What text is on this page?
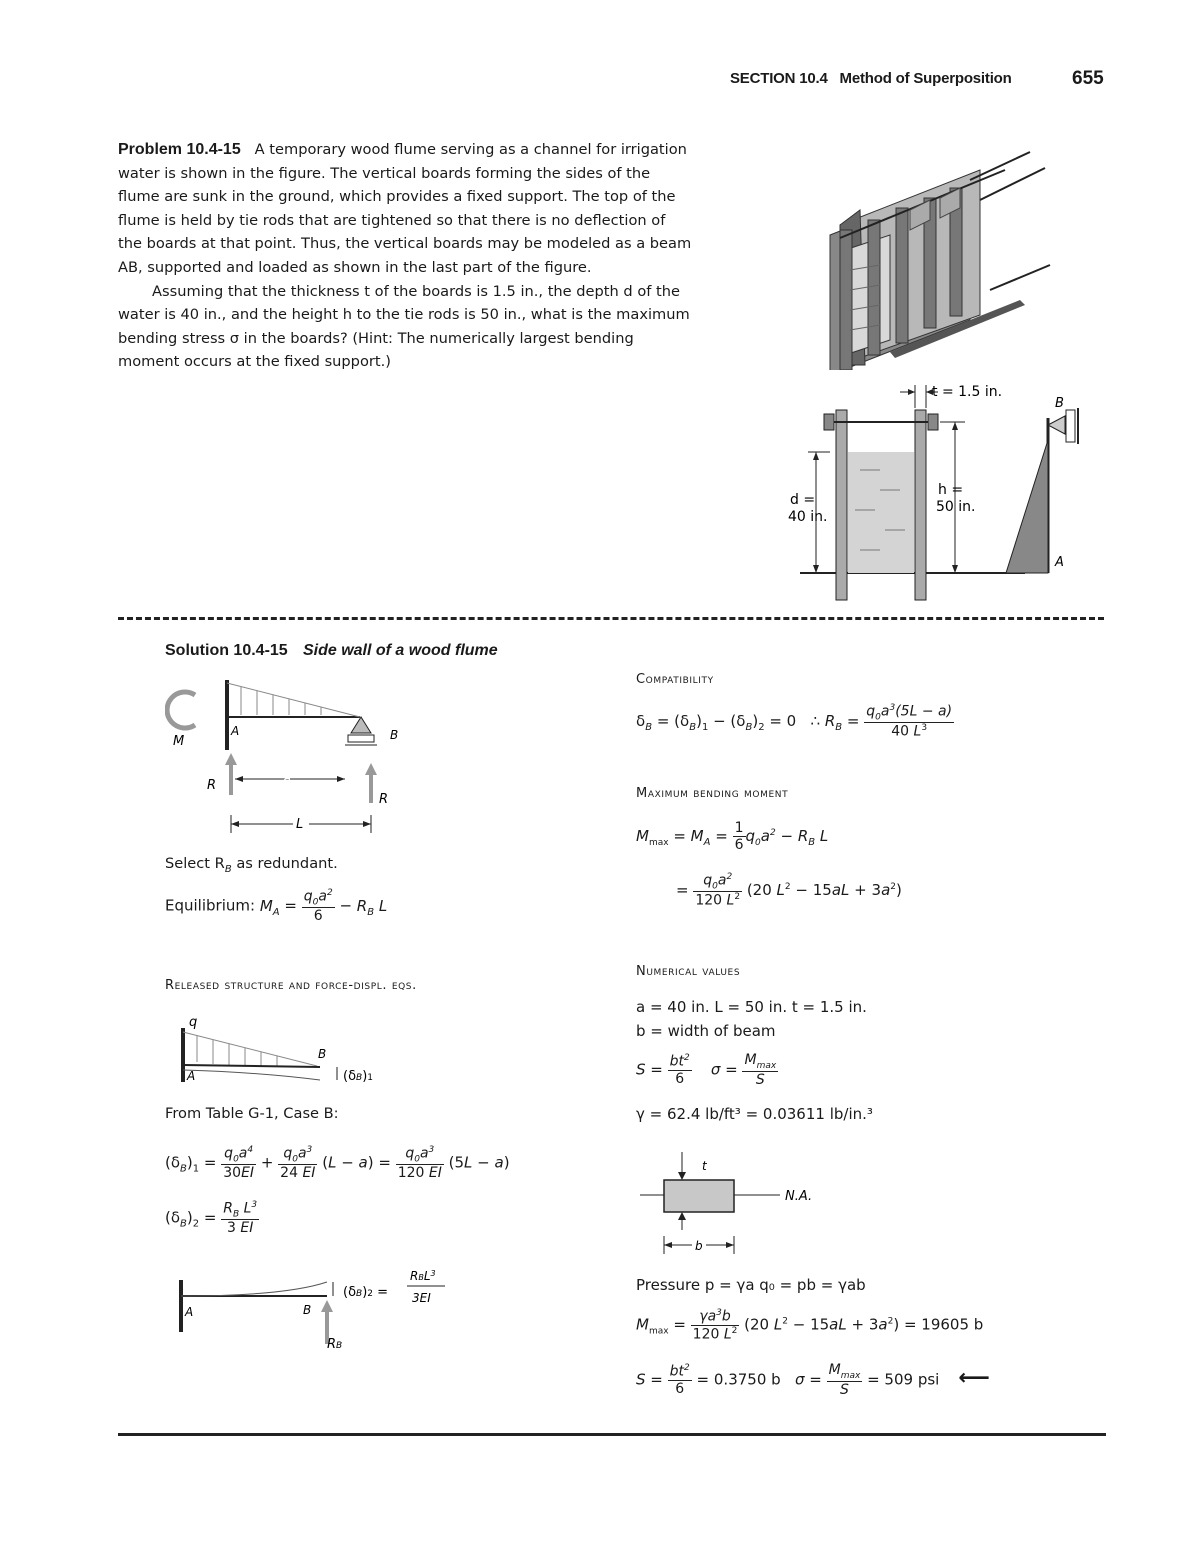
SECTION 10.4 Method of Superposition	655
Problem 10.4-15 A temporary wood flume serving as a channel for irrigation water is shown in the figure. The vertical boards forming the sides of the flume are sunk in the ground, which provides a fixed support. The top of the flume is held by tie rods that are tightened so that there is no deflection of the boards at that point. Thus, the vertical boards may be modeled as a beam AB, supported and loaded as shown in the last part of the figure.
Assuming that the thickness t of the boards is 1.5 in., the depth d of the water is 40 in., and the height h to the tie rods is 50 in., what is the maximum bending stress σ in the boards? (Hint: The numerically largest bending moment occurs at the fixed support.)
t = 1.5 in.
d =
40 in.
h =
50 in.
B
A
Solution 10.4-15 Side wall of a wood flume
M
A	B
R
R
a
L
Select $R_B$ as redundant.
Equilibrium: $M_A = \frac{q_0a^2}{6} - R_B$ L
Released structure and force-displ. eqs.
q
A
B
(δB)1
From Table G-1, Case B:
$(\delta_B)_1 = \frac{q_0a^4}{30EI} + \frac{q_0a^3}{24 EI} (L - a) = \frac{q_0a^3}{120 EI} (5L - a)$
$(\delta_B)_2 = \frac{R_B L^3}{3 EI}$
A	B
RB
(δB)2 =
$RBL^3$
3EI
Compatibility
$\delta_B = (\delta_B)_1 - (\delta_B)_2 = 0$   ∴ $R_B = \frac{q_0a^3(5L - a)}{40 L^3}$
Maximum bending moment
$M_{max} = M_A = \frac{1}{6} q_0a^2 - R_B$ L
= $\frac{q_0a^2}{120 L^2} (20$ $L^2 - 15aL + 3a^2$)
Numerical values
a = 40 in. L = 50 in. t = 1.5 in.
b = width of beam
$S = \frac{bt^2}{6}$ $\sigma = \frac{M_{max}}{S}$
γ = 62.4 lb/ft³ = 0.03611 lb/in.³
t
N.A.
b
Pressure p = γa q₀ = pb = γab
$M_{max} = \frac{\gamma a^3b}{120 L^2} (20$ $L^2 - 15aL + 3a^2) = 19605$ b
$S = \frac{bt^2}{6} = 0.3750$ b $\sigma = \frac{M_{max}}{S} = 509$ psi ⟵
